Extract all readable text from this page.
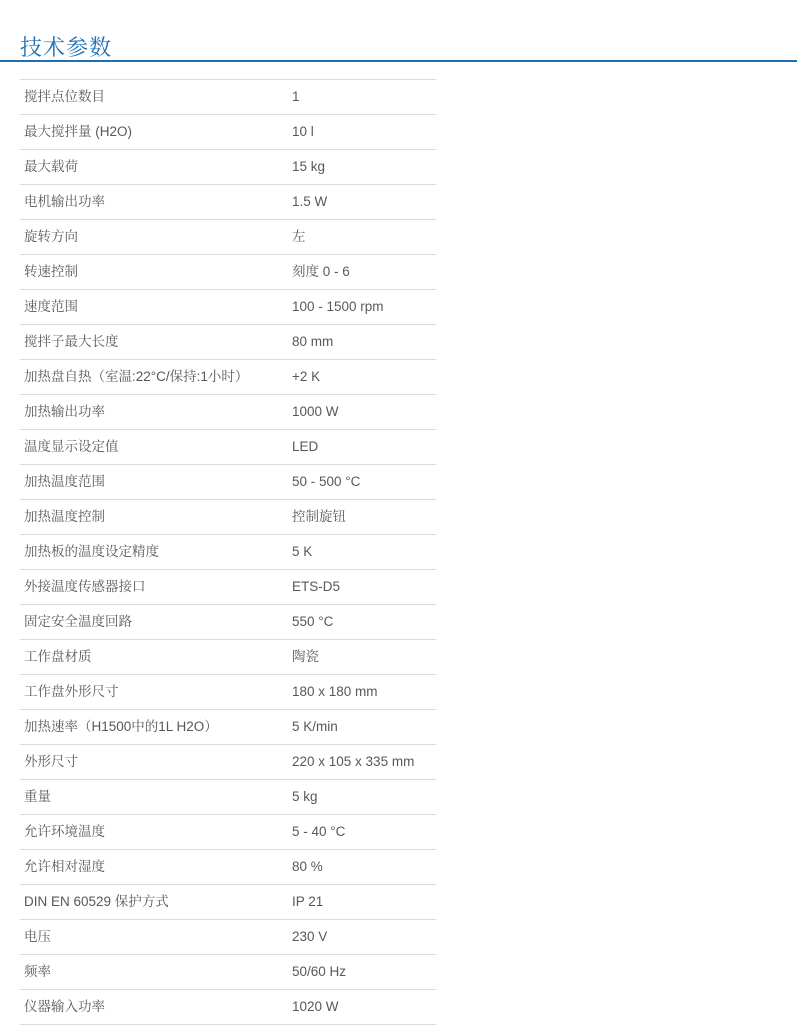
技术参数
搅拌点位数目	1
最大搅拌量 (H2O)	10 l
最大载荷	15 kg
电机输出功率	1.5 W
旋转方向	左
转速控制	刻度 0 - 6
速度范围	100 - 1500 rpm
搅拌子最大长度	80 mm
加热盘自热（室温:22°C/保持:1小时）	+2 K
加热输出功率	1000 W
温度显示设定值	LED
加热温度范围	50 - 500 °C
加热温度控制	控制旋钮
加热板的温度设定精度	5 K
外接温度传感器接口	ETS-D5
固定安全温度回路	550 °C
工作盘材质	陶瓷
工作盘外形尺寸	180 x 180 mm
加热速率（H1500中的1L H2O）	5 K/min
外形尺寸	220 x 105 x 335 mm
重量	5 kg
允许环境温度	5 - 40 °C
允许相对湿度	80 %
DIN EN 60529 保护方式	IP 21
电压	230 V
频率	50/60 Hz
仪器输入功率	1020 W
